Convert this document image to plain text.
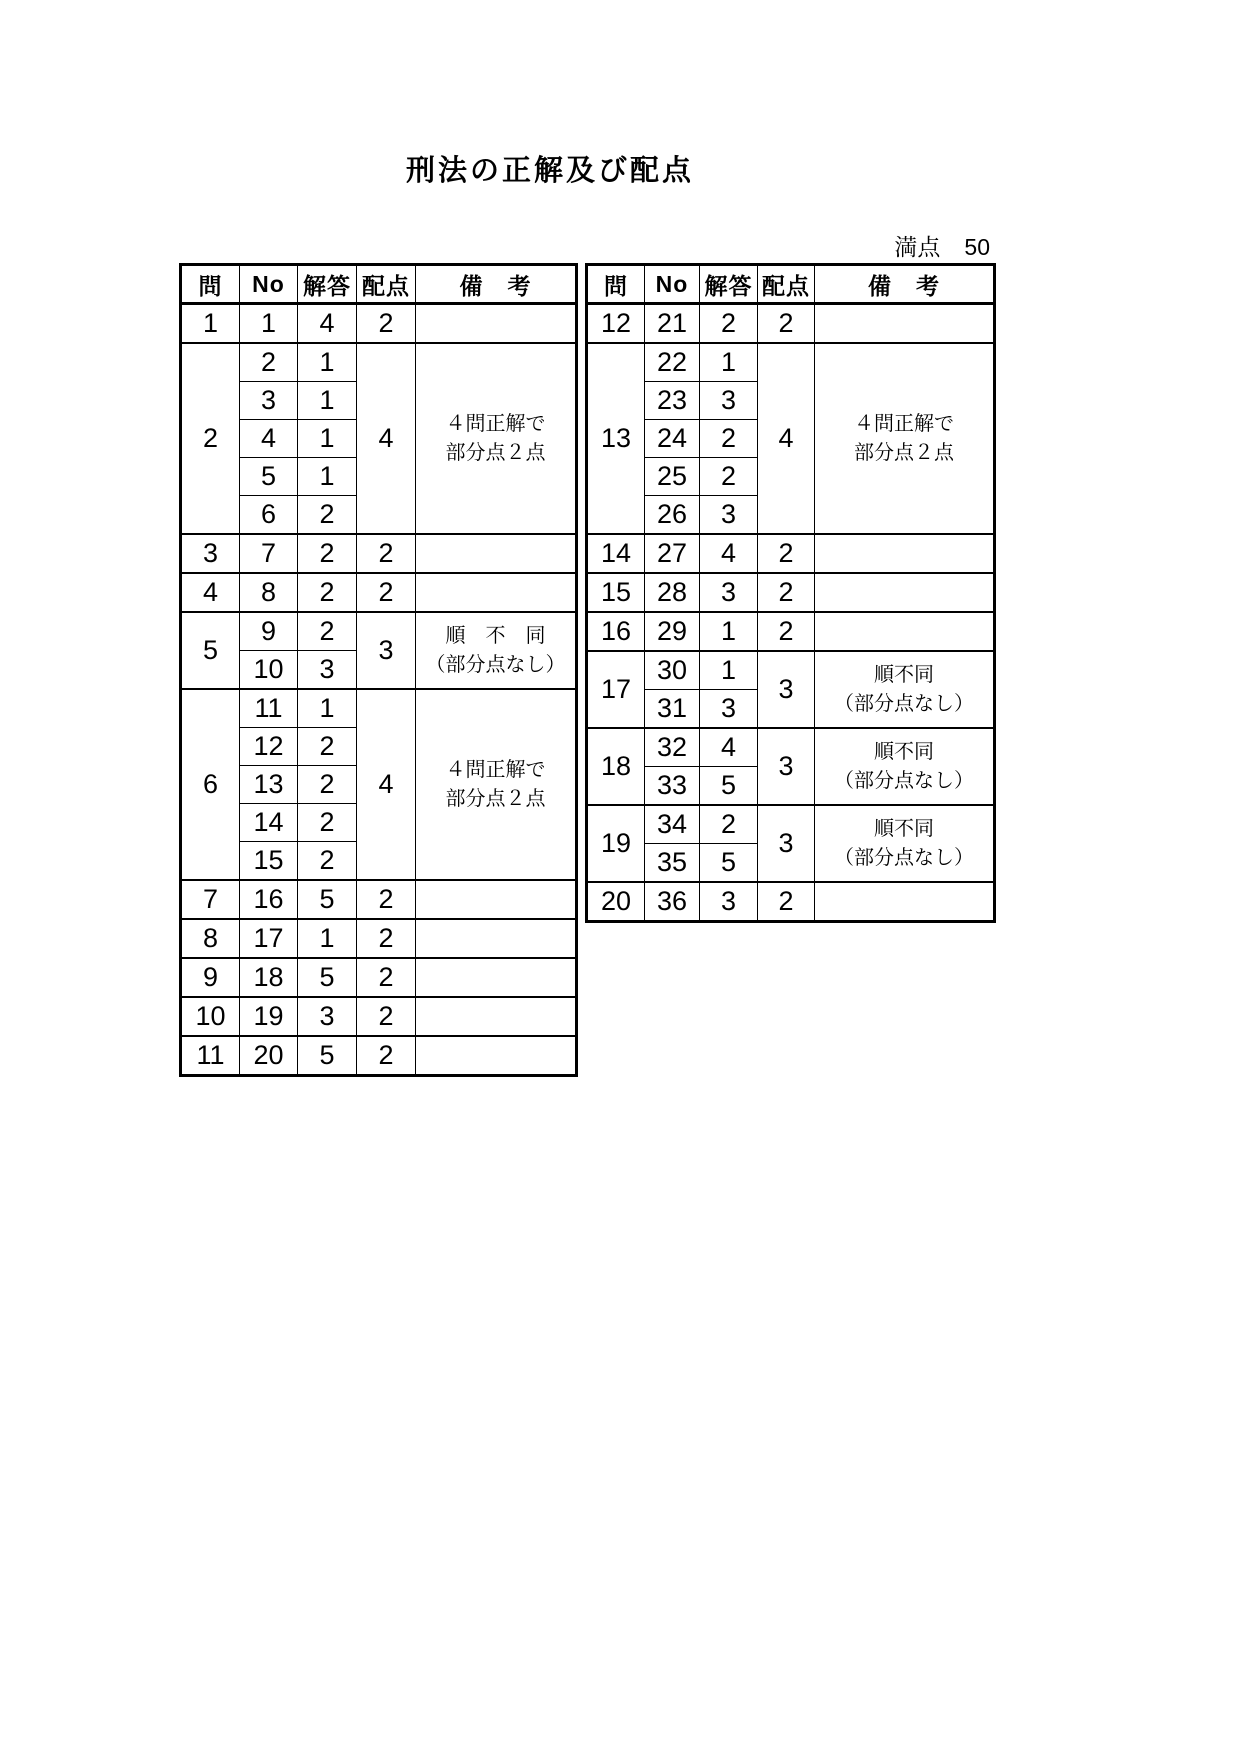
刑法の正解及び配点
満点 50
問	No	解答	配点	備　考
1	1	4	2	
2	2	1	4	４問正解で
部分点２点
	3	1		
	4	1		
	5	1		
	6	2		
3	7	2	2	
4	8	2	2	
5	9	2	3	順　不　同
（部分点なし）
	10	3		
6	11	1	4	４問正解で
部分点２点
	12	2		
	13	2		
	14	2		
	15	2		
7	16	5	2	
8	17	1	2	
9	18	5	2	
10	19	3	2	
11	20	5	2	
問	No	解答	配点	備　考
12	21	2	2	
13	22	1	4	４問正解で
部分点２点
	23	3		
	24	2		
	25	2		
	26	3		
14	27	4	2	
15	28	3	2	
16	29	1	2	
17	30	1	3	順不同
（部分点なし）
	31	3		
18	32	4	3	順不同
（部分点なし）
	33	5		
19	34	2	3	順不同
（部分点なし）
	35	5		
20	36	3	2	
